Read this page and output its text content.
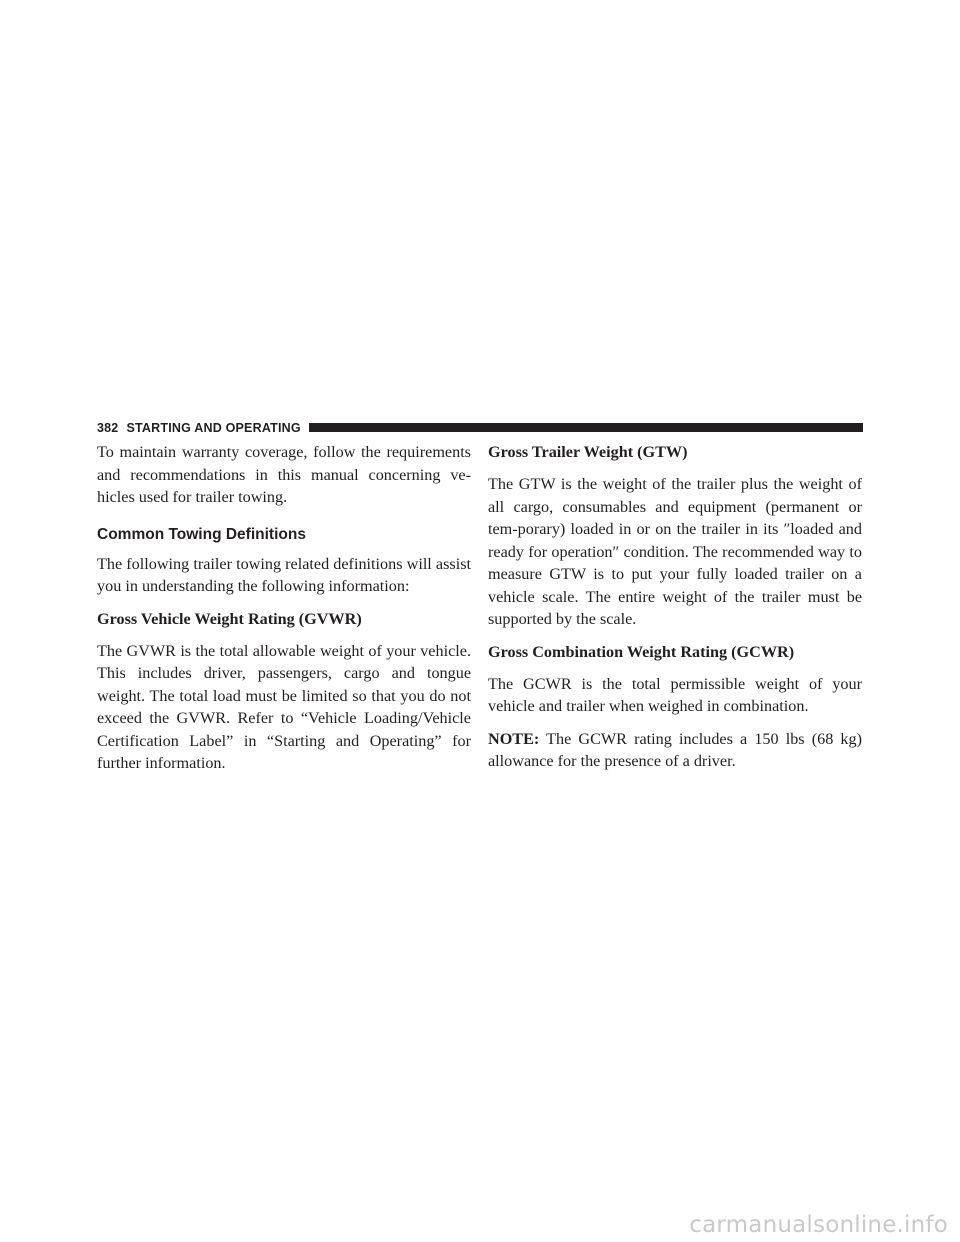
382 STARTING AND OPERATING

To maintain warranty coverage, follow the requirements and recommendations in this manual concerning ve-hicles used for trailer towing.

Common Towing Definitions

The following trailer towing related definitions will assist you in understanding the following information:

Gross Vehicle Weight Rating (GVWR)

The GVWR is the total allowable weight of your vehicle. This includes driver, passengers, cargo and tongue weight. The total load must be limited so that you do not exceed the GVWR. Refer to “Vehicle Loading/Vehicle Certification Label” in “Starting and Operating” for further information.

Gross Trailer Weight (GTW)

The GTW is the weight of the trailer plus the weight of all cargo, consumables and equipment (permanent or tem-porary) loaded in or on the trailer in its ″loaded and ready for operation″ condition. The recommended way to measure GTW is to put your fully loaded trailer on a vehicle scale. The entire weight of the trailer must be supported by the scale.

Gross Combination Weight Rating (GCWR)

The GCWR is the total permissible weight of your vehicle and trailer when weighed in combination.

NOTE: The GCWR rating includes a 150 lbs (68 kg) allowance for the presence of a driver.

carmanualsonline.info
